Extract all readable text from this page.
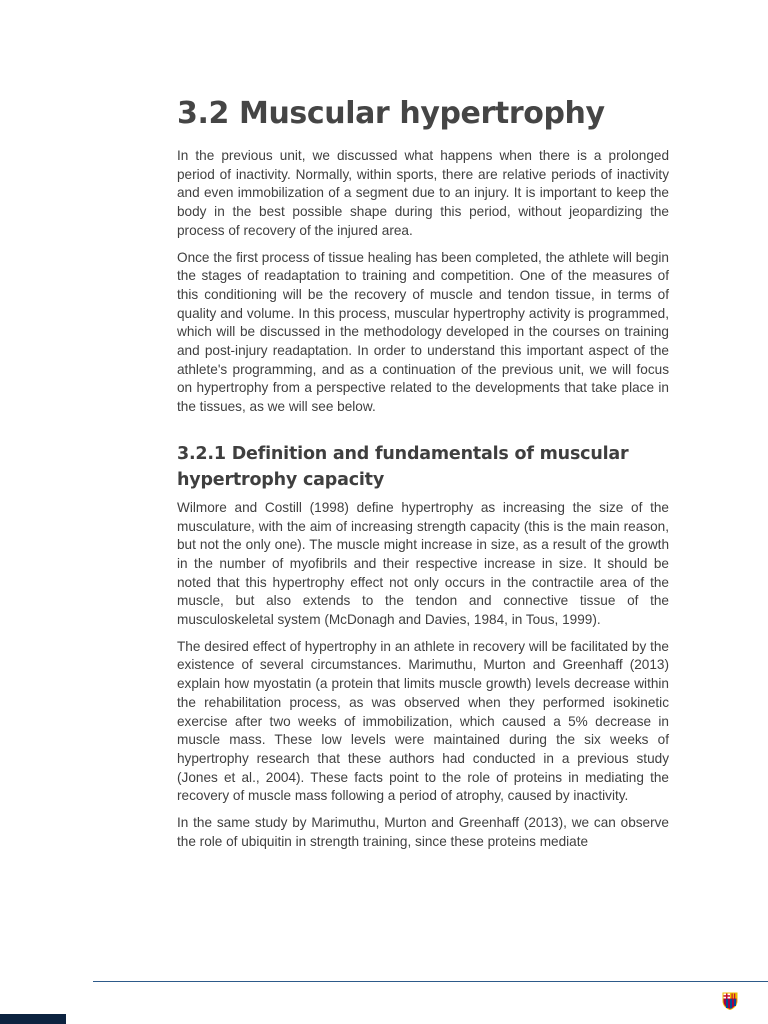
3.2 Muscular hypertrophy

In the previous unit, we discussed what happens when there is a prolonged period of inactivity. Normally, within sports, there are relative periods of inactivity and even immobilization of a segment due to an injury. It is important to keep the body in the best possible shape during this period, without jeopardizing the process of recovery of the injured area.

Once the first process of tissue healing has been completed, the athlete will begin the stages of readaptation to training and competition. One of the measures of this conditioning will be the recovery of muscle and tendon tissue, in terms of quality and volume. In this process, muscular hypertrophy activity is programmed, which will be discussed in the methodology developed in the courses on training and post-injury readaptation. In order to understand this important aspect of the athlete's programming, and as a continuation of the previous unit, we will focus on hypertrophy from a perspective related to the developments that take place in the tissues, as we will see below.

3.2.1 Definition and fundamentals of muscular hypertrophy capacity

Wilmore and Costill (1998) define hypertrophy as increasing the size of the musculature, with the aim of increasing strength capacity (this is the main reason, but not the only one). The muscle might increase in size, as a result of the growth in the number of myofibrils and their respective increase in size. It should be noted that this hypertrophy effect not only occurs in the contractile area of the muscle, but also extends to the tendon and connective tissue of the musculoskeletal system (McDonagh and Davies, 1984, in Tous, 1999).

The desired effect of hypertrophy in an athlete in recovery will be facilitated by the existence of several circumstances. Marimuthu, Murton and Greenhaff (2013) explain how myostatin (a protein that limits muscle growth) levels decrease within the rehabilitation process, as was observed when they performed isokinetic exercise after two weeks of immobilization, which caused a 5% decrease in muscle mass. These low levels were maintained during the six weeks of hypertrophy research that these authors had conducted in a previous study (Jones et al., 2004). These facts point to the role of proteins in mediating the recovery of muscle mass following a period of atrophy, caused by inactivity.

In the same study by Marimuthu, Murton and Greenhaff (2013), we can observe the role of ubiquitin in strength training, since these proteins mediate
